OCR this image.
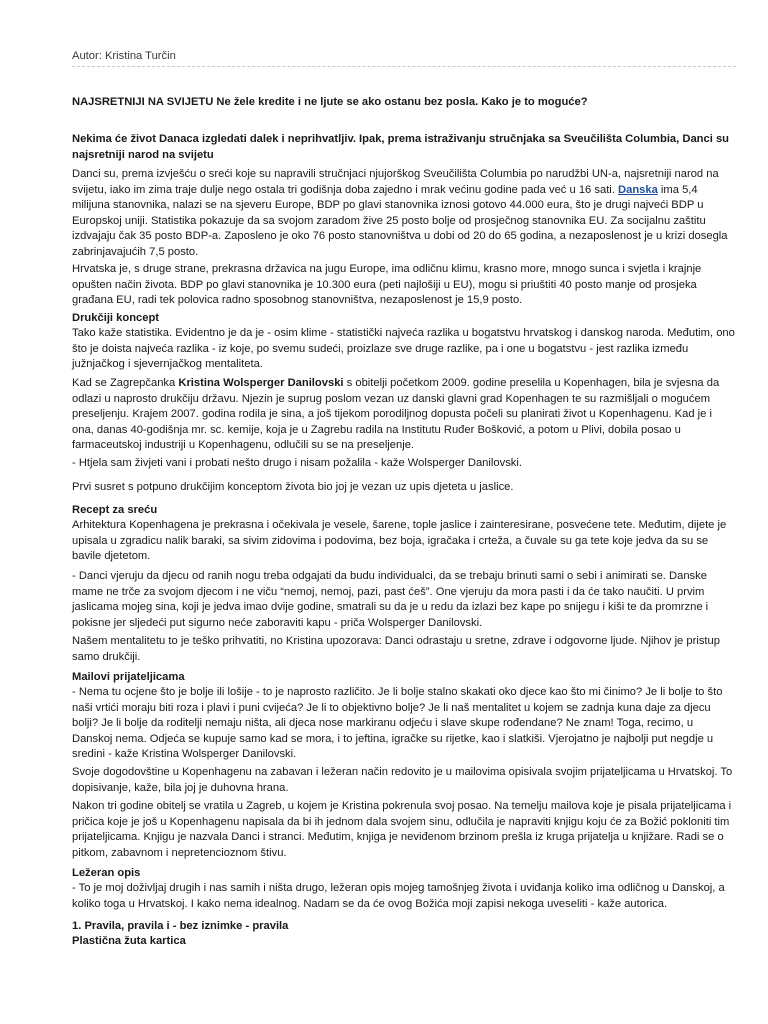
Autor: Kristina Turčin

NAJSRETNIJI NA SVIJETU Ne žele kredite i ne ljute se ako ostanu bez posla. Kako je to moguće?

Nekima će život Danaca izgledati dalek i neprihvatljiv. Ipak, prema istraživanju stručnjaka sa Sveučilišta Columbia, Danci su najsretniji narod na svijetu

Danci su, prema izvješću o sreći koje su napravili stručnjaci njujorškog Sveučilišta Columbia po narudžbi UN-a, najsretniji narod na svijetu, iako im zima traje dulje nego ostala tri godišnja doba zajedno i mrak većinu godine pada već u 16 sati. Danska ima 5,4 milijuna stanovnika, nalazi se na sjeveru Europe, BDP po glavi stanovnika iznosi gotovo 44.000 eura, što je drugi najveći BDP u Europskoj uniji. Statistika pokazuje da sa svojom zaradom žive 25 posto bolje od prosječnog stanovnika EU. Za socijalnu zaštitu izdvajaju čak 35 posto BDP-a. Zaposleno je oko 76 posto stanovništva u dobi od 20 do 65 godina, a nezaposlenost je u krizi dosegla zabrinjavajućih 7,5 posto.

Hrvatska je, s druge strane, prekrasna državica na jugu Europe, ima odličnu klimu, krasno more, mnogo sunca i svjetla i krajnje opušten način života. BDP po glavi stanovnika je 10.300 eura (peti najlošiji u EU), mogu si priuštiti 40 posto manje od prosjeka građana EU, radi tek polovica radno sposobnog stanovništva, nezaposlenost je 15,9 posto.

Drukčiji koncept

Tako kaže statistika. Evidentno je da je - osim klime - statistički najveća razlika u bogatstvu hrvatskog i danskog naroda. Međutim, ono što je doista najveća razlika - iz koje, po svemu sudeći, proizlaze sve druge razlike, pa i one u bogatstvu - jest razlika između južnjačkog i sjevernjačkog mentaliteta.

Kad se Zagrepčanka Kristina Wolsperger Danilovski s obitelji početkom 2009. godine preselila u Kopenhagen, bila je svjesna da odlazi u naprosto drukčiju državu. Njezin je suprug poslom vezan uz danski glavni grad Kopenhagen te su razmišljali o mogućem preseljenju. Krajem 2007. godina rodila je sina, a još tijekom porodiljnog dopusta počeli su planirati život u Kopenhagenu. Kad je i ona, danas 40-godišnja mr. sc. kemije, koja je u Zagrebu radila na Institutu Ruđer Bošković, a potom u Plivi, dobila posao u farmaceutskoj industriji u Kopenhagenu, odlučili su se na preseljenje.

- Htjela sam živjeti vani i probati nešto drugo i nisam požalila - kaže Wolsperger Danilovski.

Prvi susret s potpuno drukčijim konceptom života bio joj je vezan uz upis djeteta u jaslice.

Recept za sreću

Arhitektura Kopenhagena je prekrasna i očekivala je vesele, šarene, tople jaslice i zainteresirane, posvećene tete. Međutim, dijete je upisala u zgradicu nalik baraki, sa sivim zidovima i podovima, bez boja, igračaka i crteža, a čuvale su ga tete koje jedva da su se bavile djetetom.

- Danci vjeruju da djecu od ranih nogu treba odgajati da budu individualci, da se trebaju brinuti sami o sebi i animirati se. Danske mame ne trče za svojom djecom i ne viču “nemoj, nemoj, pazi, past ćeš”. One vjeruju da mora pasti i da će tako naučiti. U prvim jaslicama mojeg sina, koji je jedva imao dvije godine, smatrali su da je u redu da izlazi bez kape po snijegu i kiši te da promrzne i pokisne jer sljedeći put sigurno neće zaboraviti kapu - priča Wolsperger Danilovski.

Našem mentalitetu to je teško prihvatiti, no Kristina upozorava: Danci odrastaju u sretne, zdrave i odgovorne ljude. Njihov je pristup samo drukčiji.

Mailovi prijateljicama

- Nema tu ocjene što je bolje ili lošije - to je naprosto različito. Je li bolje stalno skakati oko djece kao što mi činimo? Je li bolje to što naši vrtići moraju biti roza i plavi i puni cvijeća? Je li to objektivno bolje? Je li naš mentalitet u kojem se zadnja kuna daje za djecu bolji? Je li bolje da roditelji nemaju ništa, ali djeca nose markiranu odjeću i slave skupe rođendane? Ne znam! Toga, recimo, u Danskoj nema. Odjeća se kupuje samo kad se mora, i to jeftina, igračke su rijetke, kao i slatkiši. Vjerojatno je najbolji put negdje u sredini - kaže Kristina Wolsperger Danilovski.

Svoje dogodovštine u Kopenhagenu na zabavan i ležeran način redovito je u mailovima opisivala svojim prijateljicama u Hrvatskoj. To dopisivanje, kaže, bila joj je duhovna hrana.

Nakon tri godine obitelj se vratila u Zagreb, u kojem je Kristina pokrenula svoj posao. Na temelju mailova koje je pisala prijateljicama i pričica koje je još u Kopenhagenu napisala da bi ih jednom dala svojem sinu, odlučila je napraviti knjigu koju će za Božić pokloniti tim prijateljicama. Knjigu je nazvala Danci i stranci. Međutim, knjiga je neviđenom brzinom prešla iz kruga prijatelja u knjižare. Radi se o pitkom, zabavnom i nepretencioznom štivu.

Ležeran opis

- To je moj doživljaj drugih i nas samih i ništa drugo, ležeran opis mojeg tamošnjeg života i uviđanja koliko ima odličnog u Danskoj, a koliko toga u Hrvatskoj. I kako nema idealnog. Nadam se da će ovog Božića moji zapisi nekoga uveseliti - kaže autorica.

1. Pravila, pravila i - bez iznimke - pravila

Plastična žuta kartica
